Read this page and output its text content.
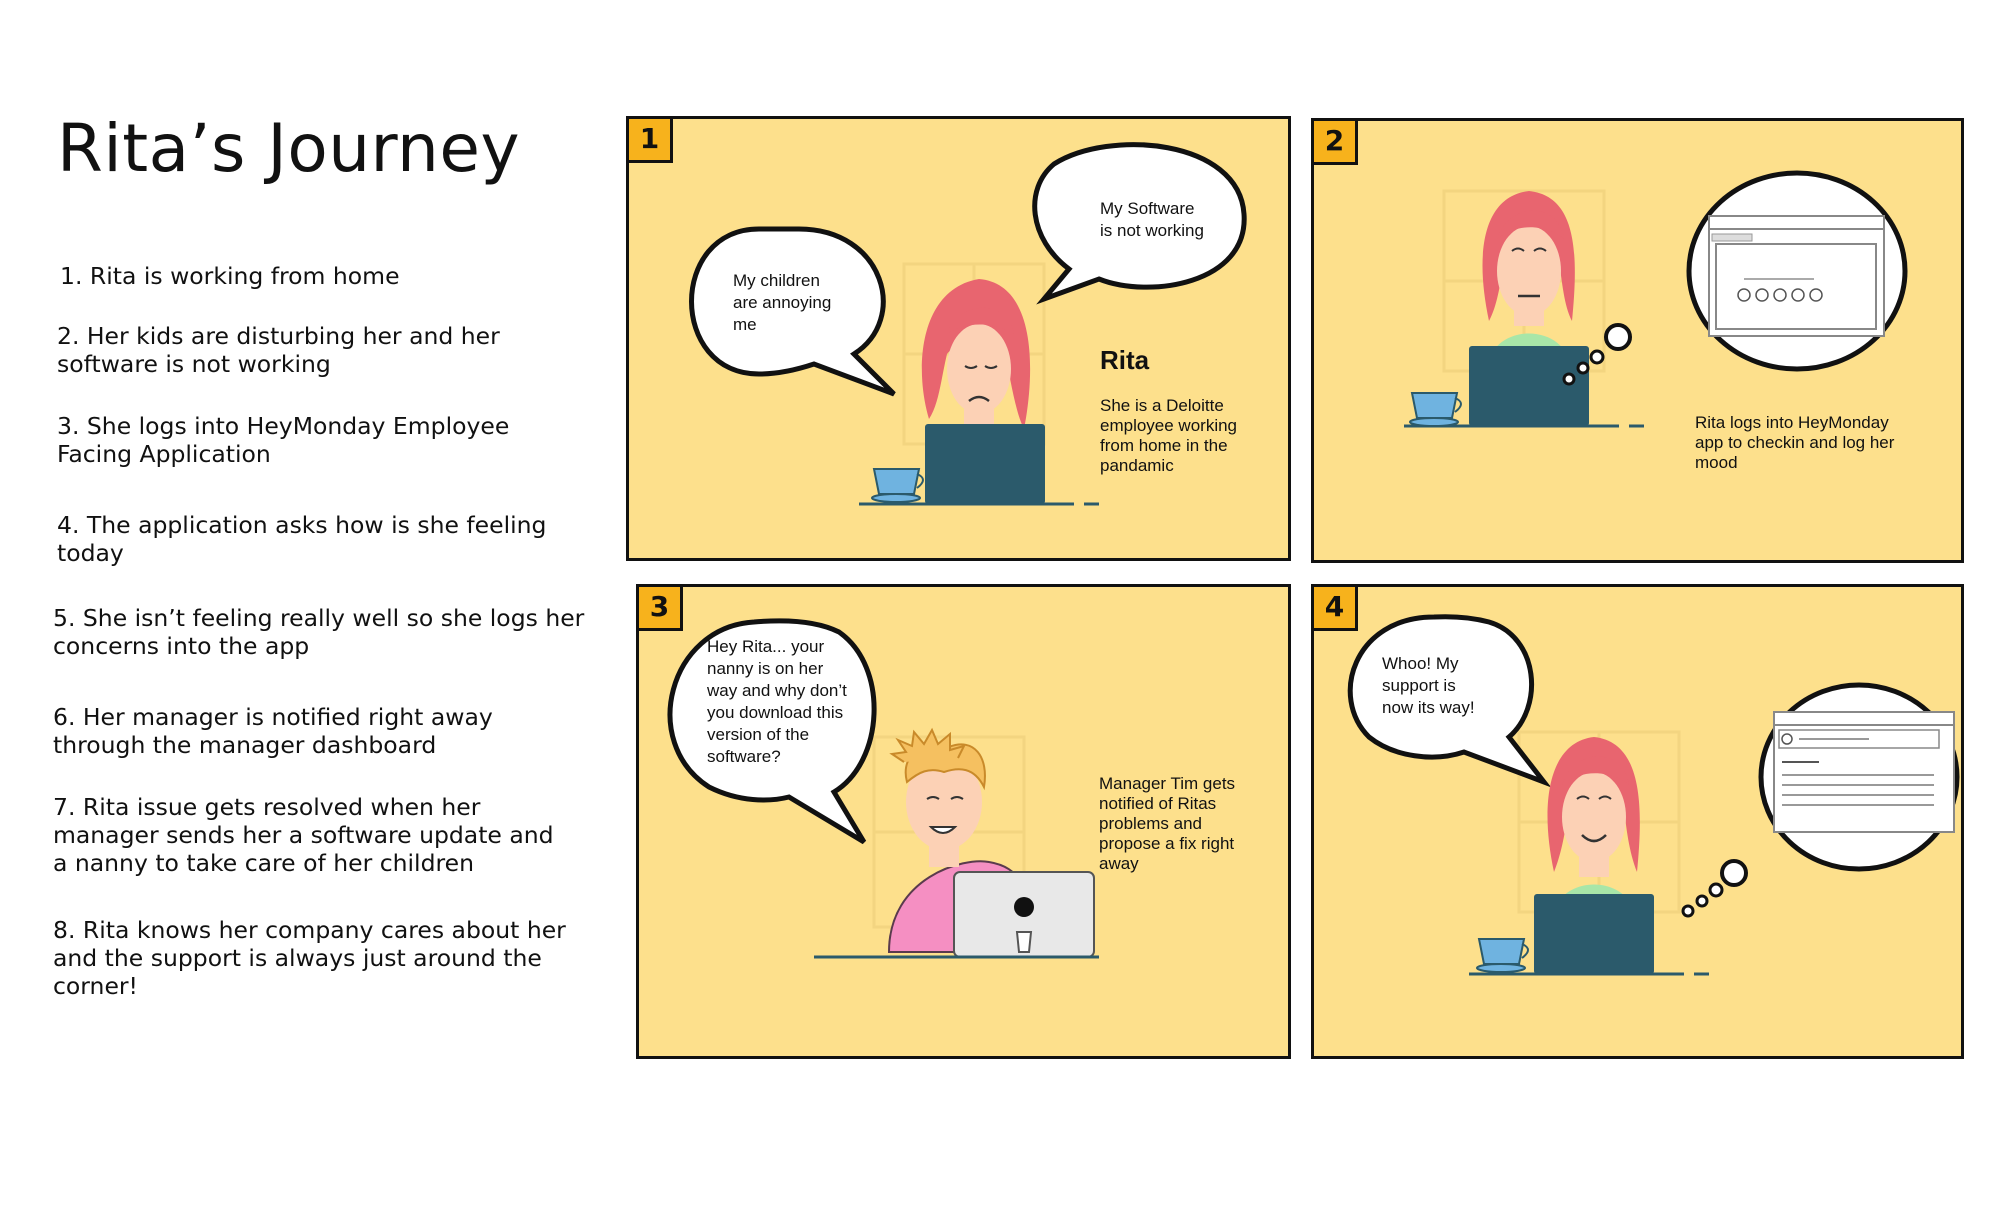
Rita’s Journey
1. Rita is working from home
2. Her kids are disturbing her and her
software is not working
3. She logs into HeyMonday Employee
Facing Application
4. The application asks how is she feeling
today
5. She isn’t feeling really well so she logs her
concerns into the app
6. Her manager is notified right away
through the manager dashboard
7. Rita issue gets resolved when her
manager sends her a software update and
a nanny to take care of her children
8. Rita knows her company cares about her
and the support is always just around the
corner!
1
My children
are annoying
me
My Software
is not working
Rita
She is a Deloitte
employee working
from home in the
pandamic
2
Rita logs into HeyMonday
app to checkin and log her
mood
3
Hey Rita... your
nanny is on her
way and why don’t
you download this
version of the
software?
Manager Tim gets
notified of Ritas
problems and
propose a fix right
away
4
Whoo! My
support is
now its way!
